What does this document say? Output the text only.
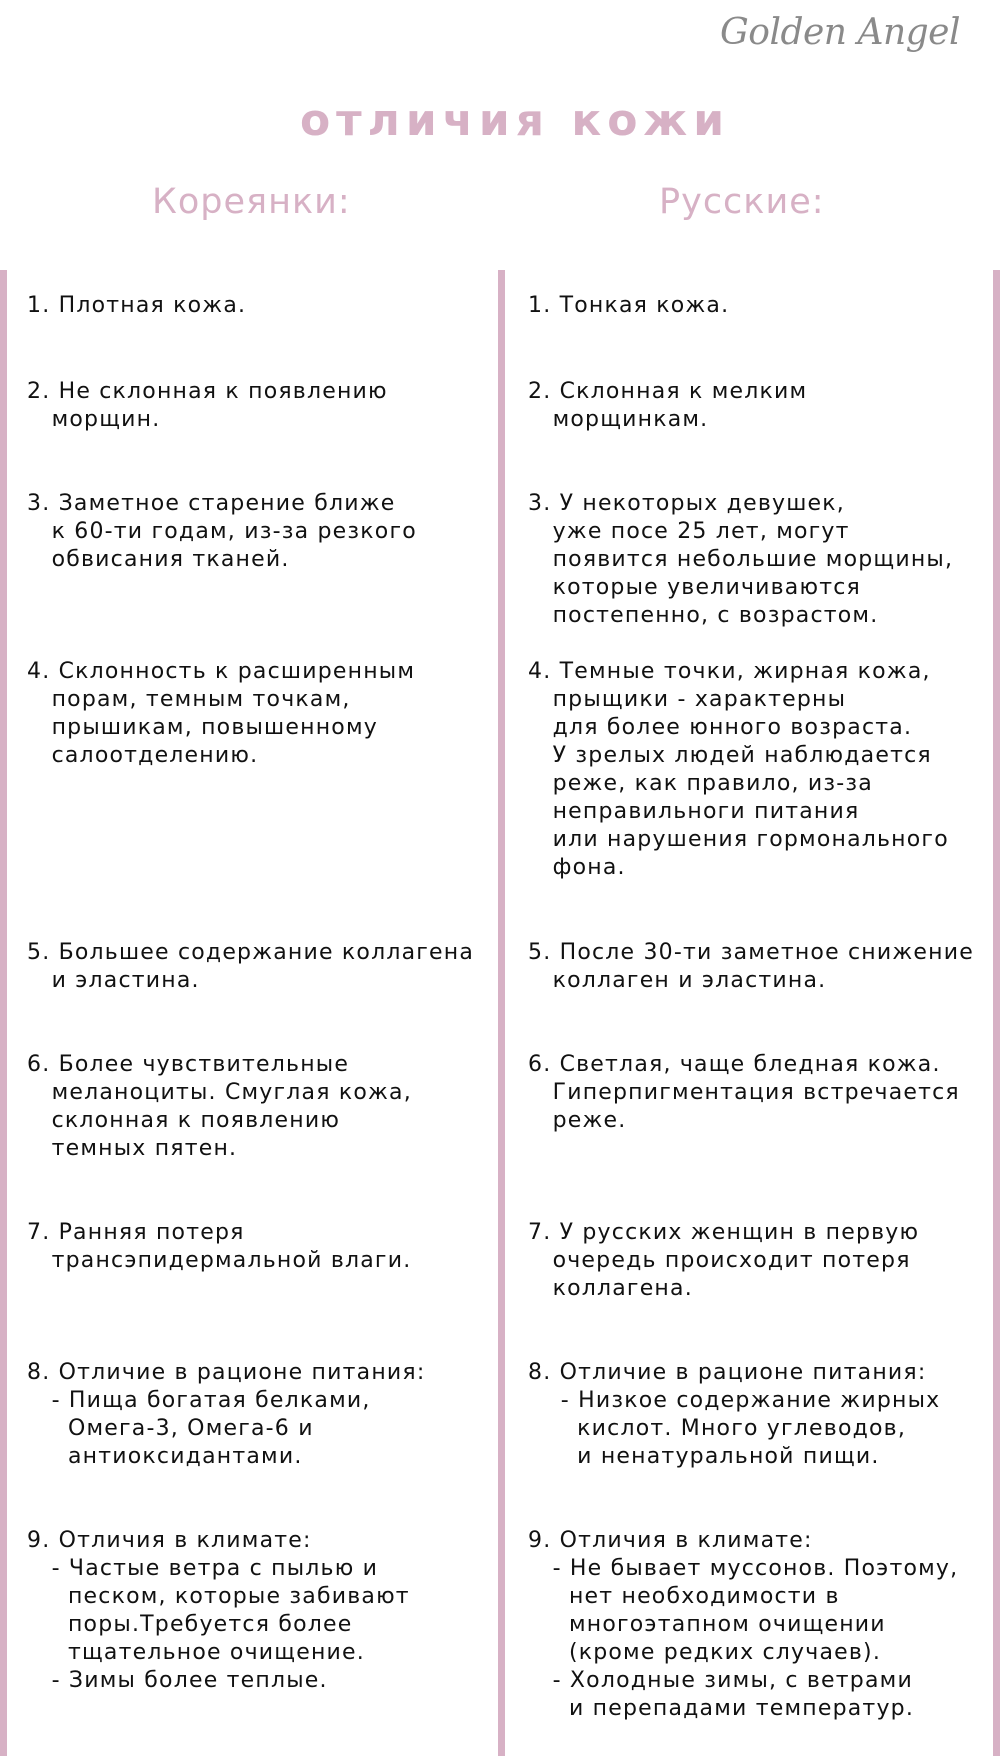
Golden Angel
отличия кожи
Кореянки:	Русские:

1. Плотная кожа.

2. Не склонная к появлению
морщин.

3. Заметное старение ближе
к 60-ти годам, из-за резкого
обвисания тканей.

4. Склонность к расширенным
порам, темным точкам,
прышикам, повышенному
салоотделению.

5. Большее содержание коллагена
и эластина.

6. Более чувствительные
меланоциты. Смуглая кожа,
склонная к появлению
темных пятен.

7. Ранняя потеря
трансэпидермальной влаги.

8. Отличие в рационе питания:
- Пища богатая белками,
Омега-3, Омега-6 и
антиоксидантами.

9. Отличия в климате:
- Частые ветра с пылью и
песком, которые забивают
поры.Требуется более
тщательное очищение.
- Зимы более теплые.

1. Тонкая кожа.

2. Склонная к мелким
морщинкам.

3. У некоторых девушек,
уже посе 25 лет, могут
появится небольшие морщины,
которые увеличиваются
постепенно, с возрастом.

4. Темные точки, жирная кожа,
прыщики - характерны
для более юнного возраста.
У зрелых людей наблюдается
реже, как правило, из-за
неправильноги питания
или нарушения гормонального
фона.

5. После 30-ти заметное снижение
коллаген и эластина.

6. Светлая, чаще бледная кожа.
Гиперпигментация встречается
реже.

7. У русских женщин в первую
очередь происходит потеря
коллагена.

8. Отличие в рационе питания:
- Низкое содержание жирных
кислот. Много углеводов,
и ненатуральной пищи.

9. Отличия в климате:
- Не бывает муссонов. Поэтому,
нет необходимости в
многоэтапном очищении
(кроме редких случаев).
- Холодные зимы, с ветрами
и перепадами температур.
